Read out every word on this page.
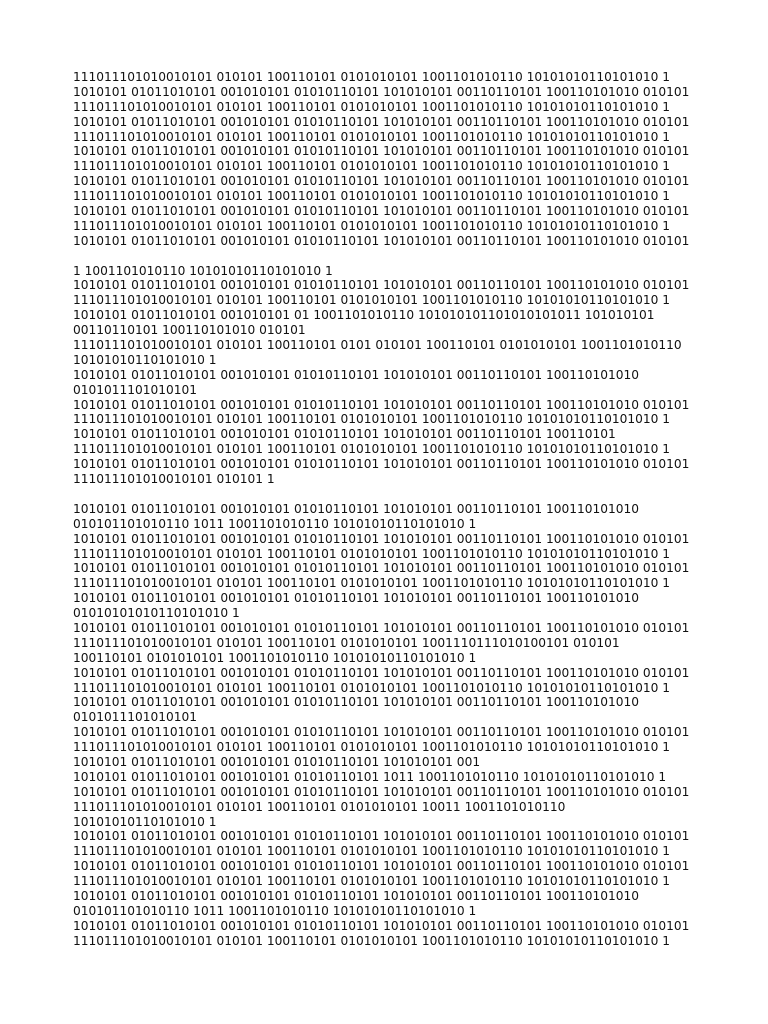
111011101010010101 010101 100110101 0101010101 1001101010110 10101010110101010 1
1010101 01011010101 001010101 01010110101 101010101 00110110101 100110101010 010101
111011101010010101 010101 100110101 0101010101 1001101010110 10101010110101010 1
1010101 01011010101 001010101 01010110101 101010101 00110110101 100110101010 010101
111011101010010101 010101 100110101 0101010101 1001101010110 10101010110101010 1
1010101 01011010101 001010101 01010110101 101010101 00110110101 100110101010 010101
111011101010010101 010101 100110101 0101010101 1001101010110 10101010110101010 1
1010101 01011010101 001010101 01010110101 101010101 00110110101 100110101010 010101
111011101010010101 010101 100110101 0101010101 1001101010110 10101010110101010 1
1010101 01011010101 001010101 01010110101 101010101 00110110101 100110101010 010101
111011101010010101 010101 100110101 0101010101 1001101010110 10101010110101010 1
1010101 01011010101 001010101 01010110101 101010101 00110110101 100110101010 010101
1 1001101010110 10101010110101010 1
1010101 01011010101 001010101 01010110101 101010101 00110110101 100110101010 010101
111011101010010101 010101 100110101 0101010101 1001101010110 10101010110101010 1
1010101 01011010101 001010101 01 1001101010110 101010101101010101011 101010101
00110110101 100110101010 010101
111011101010010101 010101 100110101 0101 010101 100110101 0101010101 1001101010110
10101010110101010 1
1010101 01011010101 001010101 01010110101 101010101 00110110101 100110101010
0101011101010101
1010101 01011010101 001010101 01010110101 101010101 00110110101 100110101010 010101
111011101010010101 010101 100110101 0101010101 1001101010110 10101010110101010 1
1010101 01011010101 001010101 01010110101 101010101 00110110101 100110101
111011101010010101 010101 100110101 0101010101 1001101010110 10101010110101010 1
1010101 01011010101 001010101 01010110101 101010101 00110110101 100110101010 010101
111011101010010101 010101 1
1010101 01011010101 001010101 01010110101 101010101 00110110101 100110101010
010101101010110 1011 1001101010110 10101010110101010 1
1010101 01011010101 001010101 01010110101 101010101 00110110101 100110101010 010101
111011101010010101 010101 100110101 0101010101 1001101010110 10101010110101010 1
1010101 01011010101 001010101 01010110101 101010101 00110110101 100110101010 010101
111011101010010101 010101 100110101 0101010101 1001101010110 10101010110101010 1
1010101 01011010101 001010101 01010110101 101010101 00110110101 100110101010
01010101010110101010 1
1010101 01011010101 001010101 01010110101 101010101 00110110101 100110101010 010101
111011101010010101 010101 100110101 0101010101 1001110111010100101 010101
100110101 0101010101 1001101010110 10101010110101010 1
1010101 01011010101 001010101 01010110101 101010101 00110110101 100110101010 010101
111011101010010101 010101 100110101 0101010101 1001101010110 10101010110101010 1
1010101 01011010101 001010101 01010110101 101010101 00110110101 100110101010
0101011101010101
1010101 01011010101 001010101 01010110101 101010101 00110110101 100110101010 010101
111011101010010101 010101 100110101 0101010101 1001101010110 10101010110101010 1
1010101 01011010101 001010101 01010110101 101010101 001
1010101 01011010101 001010101 01010110101 1011 1001101010110 10101010110101010 1
1010101 01011010101 001010101 01010110101 101010101 00110110101 100110101010 010101
111011101010010101 010101 100110101 0101010101 10011 1001101010110
10101010110101010 1
1010101 01011010101 001010101 01010110101 101010101 00110110101 100110101010 010101
111011101010010101 010101 100110101 0101010101 1001101010110 10101010110101010 1
1010101 01011010101 001010101 01010110101 101010101 00110110101 100110101010 010101
111011101010010101 010101 100110101 0101010101 1001101010110 10101010110101010 1
1010101 01011010101 001010101 01010110101 101010101 00110110101 100110101010
010101101010110 1011 1001101010110 10101010110101010 1
1010101 01011010101 001010101 01010110101 101010101 00110110101 100110101010 010101
111011101010010101 010101 100110101 0101010101 1001101010110 10101010110101010 1
